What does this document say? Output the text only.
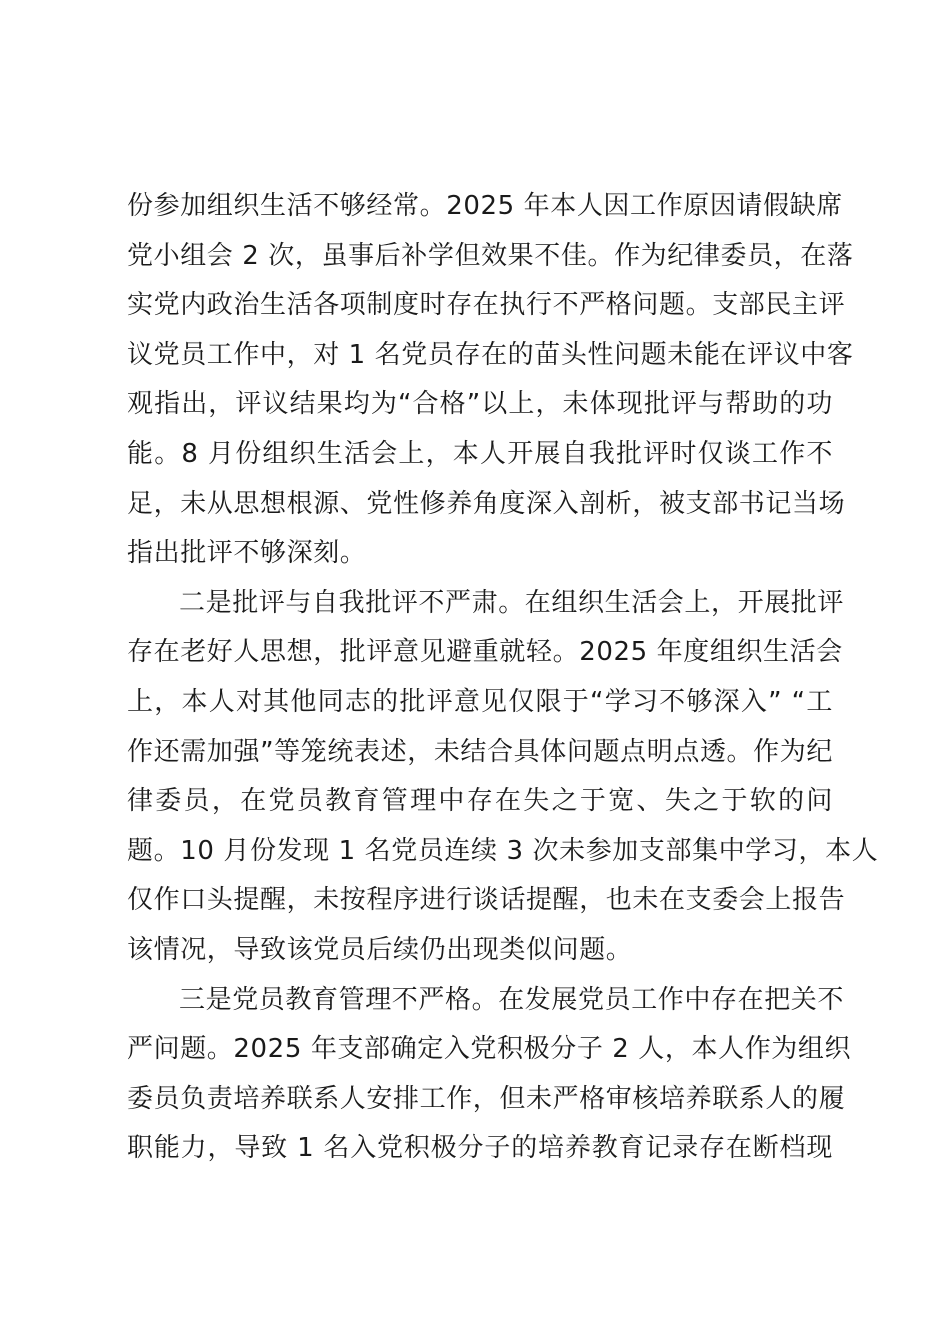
份参加组织生活不够经常。2025 年本人因工作原因请假缺席
党小组会 2 次，虽事后补学但效果不佳。作为纪律委员，在落
实党内政治生活各项制度时存在执行不严格问题。支部民主评
议党员工作中，对 1 名党员存在的苗头性问题未能在评议中客
观指出，评议结果均为“合格”以上，未体现批评与帮助的功
能。8 月份组织生活会上，本人开展自我批评时仅谈工作不
足，未从思想根源、党性修养角度深入剖析，被支部书记当场
指出批评不够深刻。
二是批评与自我批评不严肃。在组织生活会上，开展批评
存在老好人思想，批评意见避重就轻。2025 年度组织生活会
上，本人对其他同志的批评意见仅限于“学习不够深入” “工
作还需加强”等笼统表述，未结合具体问题点明点透。作为纪
律委员，在党员教育管理中存在失之于宽、失之于软的问
题。10 月份发现 1 名党员连续 3 次未参加支部集中学习，本人
仅作口头提醒，未按程序进行谈话提醒，也未在支委会上报告
该情况，导致该党员后续仍出现类似问题。
三是党员教育管理不严格。在发展党员工作中存在把关不
严问题。2025 年支部确定入党积极分子 2 人，本人作为组织
委员负责培养联系人安排工作，但未严格审核培养联系人的履
职能力，导致 1 名入党积极分子的培养教育记录存在断档现
